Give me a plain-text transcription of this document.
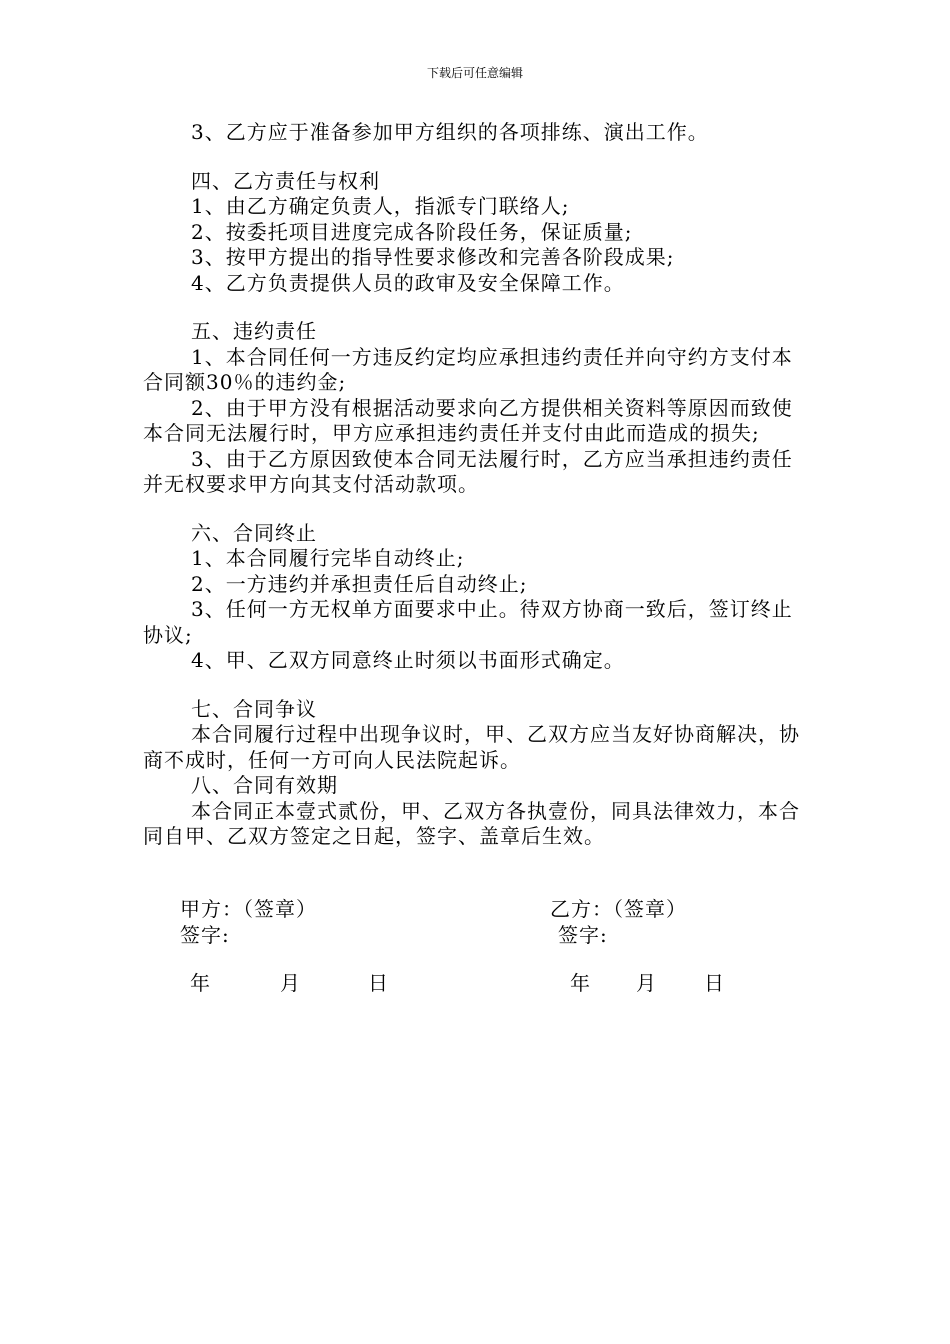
下载后可任意编辑

3、乙方应于准备参加甲方组织的各项排练、演出工作。

四、乙方责任与权利

1、由乙方确定负责人，指派专门联络人;

2、按委托项目进度完成各阶段任务，保证质量;

3、按甲方提出的指导性要求修改和完善各阶段成果;

4、乙方负责提供人员的政审及安全保障工作。

五、违约责任

1、本合同任何一方违反约定均应承担违约责任并向守约方支付本合同额30％的违约金;

2、由于甲方没有根据活动要求向乙方提供相关资料等原因而致使本合同无法履行时，甲方应承担违约责任并支付由此而造成的损失;

3、由于乙方原因致使本合同无法履行时，乙方应当承担违约责任并无权要求甲方向其支付活动款项。

六、合同终止

1、本合同履行完毕自动终止;

2、一方违约并承担责任后自动终止;

3、任何一方无权单方面要求中止。待双方协商一致后，签订终止协议;

4、甲、乙双方同意终止时须以书面形式确定。

七、合同争议

本合同履行过程中出现争议时，甲、乙双方应当友好协商解决，协商不成时，任何一方可向人民法院起诉。

八、合同有效期

本合同正本壹式贰份，甲、乙双方各执壹份，同具法律效力，本合同自甲、乙双方签定之日起，签字、盖章后生效。

甲方：（签章）	乙方：（签章）
签字:	签字:
年	月	日	年 月 日
